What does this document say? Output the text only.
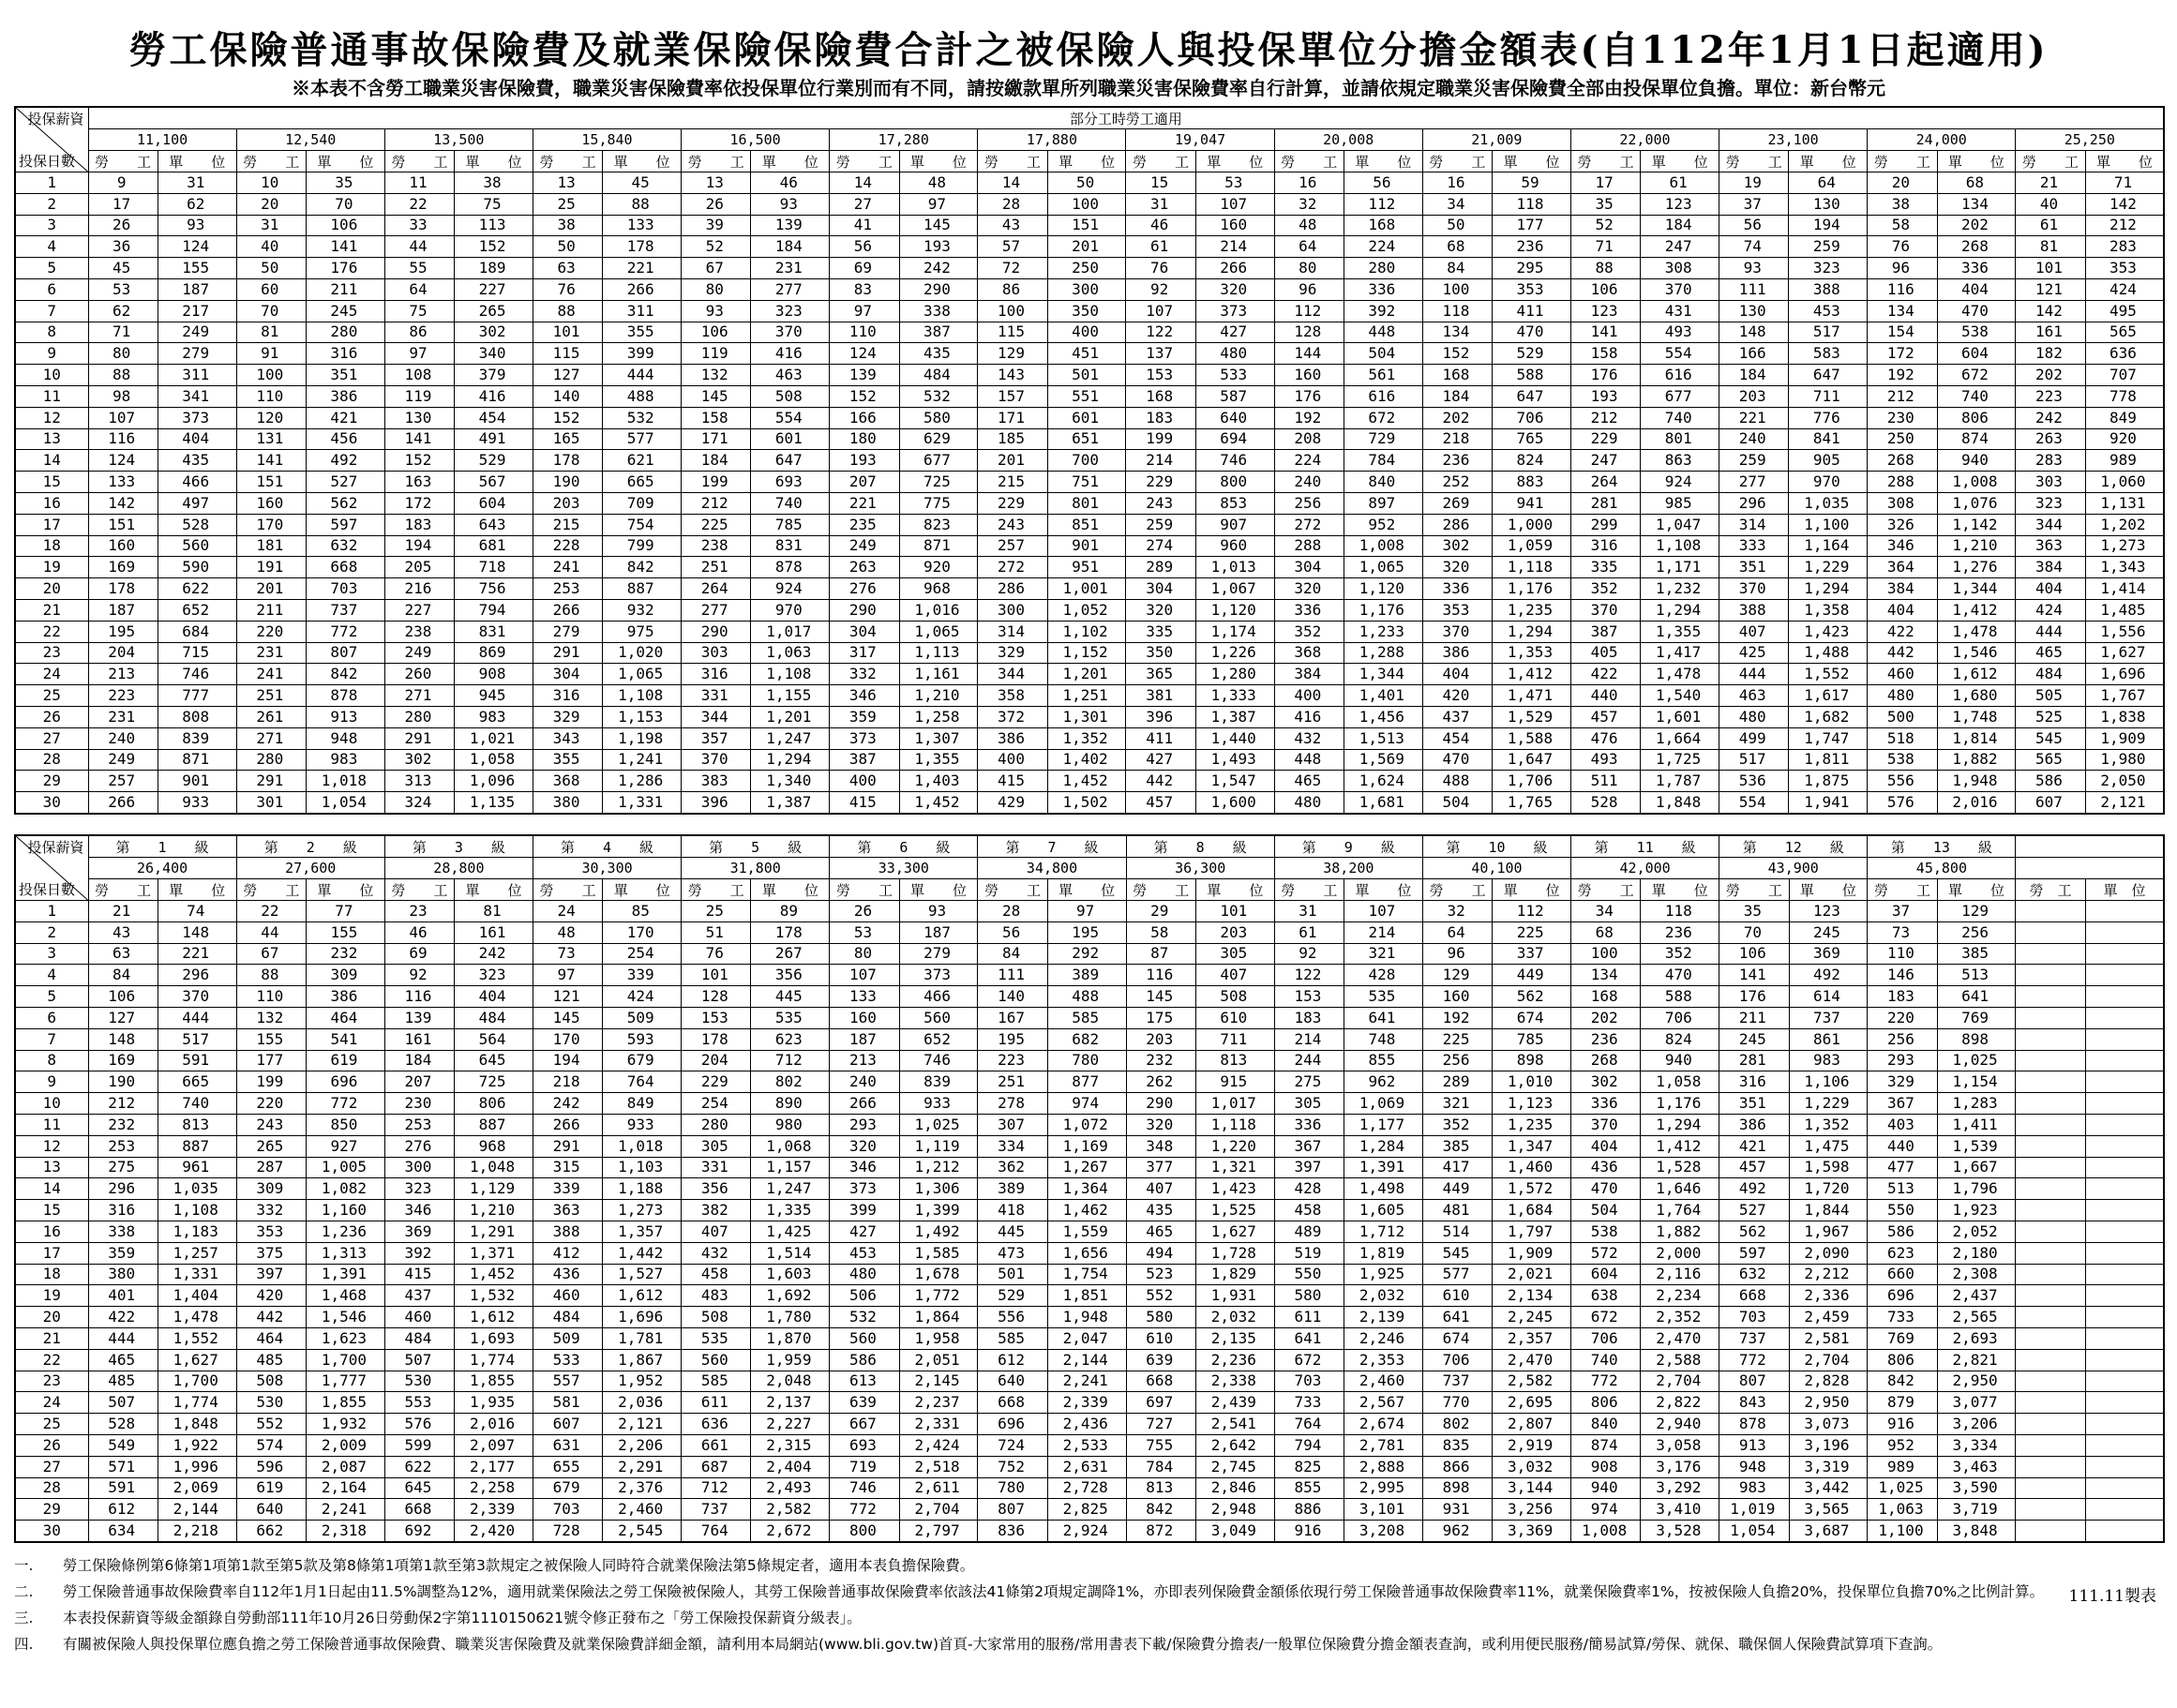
勞工保險普通事故保險費及就業保險保險費合計之被保險人與投保單位分擔金額表(自112年1月1日起適用)
※本表不含勞工職業災害保險費，職業災害保險費率依投保單位行業別而有不同，請按繳款單所列職業災害保險費率自行計算，並請依規定職業災害保險費全部由投保單位負擔。單位：新台幣元
投保薪資
投保日數	部分工時勞工適用																											
	11,100		12,540		13,500		15,840		16,500		17,280		17,880		19,047		20,008		21,009		22,000		23,100		24,000		25,250	
	勞　　工	單　　位	勞　　工	單　　位	勞　　工	單　　位	勞　　工	單　　位	勞　　工	單　　位	勞　　工	單　　位	勞　　工	單　　位	勞　　工	單　　位	勞　　工	單　　位	勞　　工	單　　位	勞　　工	單　　位	勞　　工	單　　位	勞　　工	單　　位	勞　　工	單　　位
1	9	31	10	35	11	38	13	45	13	46	14	48	14	50	15	53	16	56	16	59	17	61	19	64	20	68	21	71
2	17	62	20	70	22	75	25	88	26	93	27	97	28	100	31	107	32	112	34	118	35	123	37	130	38	134	40	142
3	26	93	31	106	33	113	38	133	39	139	41	145	43	151	46	160	48	168	50	177	52	184	56	194	58	202	61	212
4	36	124	40	141	44	152	50	178	52	184	56	193	57	201	61	214	64	224	68	236	71	247	74	259	76	268	81	283
5	45	155	50	176	55	189	63	221	67	231	69	242	72	250	76	266	80	280	84	295	88	308	93	323	96	336	101	353
6	53	187	60	211	64	227	76	266	80	277	83	290	86	300	92	320	96	336	100	353	106	370	111	388	116	404	121	424
7	62	217	70	245	75	265	88	311	93	323	97	338	100	350	107	373	112	392	118	411	123	431	130	453	134	470	142	495
8	71	249	81	280	86	302	101	355	106	370	110	387	115	400	122	427	128	448	134	470	141	493	148	517	154	538	161	565
9	80	279	91	316	97	340	115	399	119	416	124	435	129	451	137	480	144	504	152	529	158	554	166	583	172	604	182	636
10	88	311	100	351	108	379	127	444	132	463	139	484	143	501	153	533	160	561	168	588	176	616	184	647	192	672	202	707
11	98	341	110	386	119	416	140	488	145	508	152	532	157	551	168	587	176	616	184	647	193	677	203	711	212	740	223	778
12	107	373	120	421	130	454	152	532	158	554	166	580	171	601	183	640	192	672	202	706	212	740	221	776	230	806	242	849
13	116	404	131	456	141	491	165	577	171	601	180	629	185	651	199	694	208	729	218	765	229	801	240	841	250	874	263	920
14	124	435	141	492	152	529	178	621	184	647	193	677	201	700	214	746	224	784	236	824	247	863	259	905	268	940	283	989
15	133	466	151	527	163	567	190	665	199	693	207	725	215	751	229	800	240	840	252	883	264	924	277	970	288	1,008	303	1,060
16	142	497	160	562	172	604	203	709	212	740	221	775	229	801	243	853	256	897	269	941	281	985	296	1,035	308	1,076	323	1,131
17	151	528	170	597	183	643	215	754	225	785	235	823	243	851	259	907	272	952	286	1,000	299	1,047	314	1,100	326	1,142	344	1,202
18	160	560	181	632	194	681	228	799	238	831	249	871	257	901	274	960	288	1,008	302	1,059	316	1,108	333	1,164	346	1,210	363	1,273
19	169	590	191	668	205	718	241	842	251	878	263	920	272	951	289	1,013	304	1,065	320	1,118	335	1,171	351	1,229	364	1,276	384	1,343
20	178	622	201	703	216	756	253	887	264	924	276	968	286	1,001	304	1,067	320	1,120	336	1,176	352	1,232	370	1,294	384	1,344	404	1,414
21	187	652	211	737	227	794	266	932	277	970	290	1,016	300	1,052	320	1,120	336	1,176	353	1,235	370	1,294	388	1,358	404	1,412	424	1,485
22	195	684	220	772	238	831	279	975	290	1,017	304	1,065	314	1,102	335	1,174	352	1,233	370	1,294	387	1,355	407	1,423	422	1,478	444	1,556
23	204	715	231	807	249	869	291	1,020	303	1,063	317	1,113	329	1,152	350	1,226	368	1,288	386	1,353	405	1,417	425	1,488	442	1,546	465	1,627
24	213	746	241	842	260	908	304	1,065	316	1,108	332	1,161	344	1,201	365	1,280	384	1,344	404	1,412	422	1,478	444	1,552	460	1,612	484	1,696
25	223	777	251	878	271	945	316	1,108	331	1,155	346	1,210	358	1,251	381	1,333	400	1,401	420	1,471	440	1,540	463	1,617	480	1,680	505	1,767
26	231	808	261	913	280	983	329	1,153	344	1,201	359	1,258	372	1,301	396	1,387	416	1,456	437	1,529	457	1,601	480	1,682	500	1,748	525	1,838
27	240	839	271	948	291	1,021	343	1,198	357	1,247	373	1,307	386	1,352	411	1,440	432	1,513	454	1,588	476	1,664	499	1,747	518	1,814	545	1,909
28	249	871	280	983	302	1,058	355	1,241	370	1,294	387	1,355	400	1,402	427	1,493	448	1,569	470	1,647	493	1,725	517	1,811	538	1,882	565	1,980
29	257	901	291	1,018	313	1,096	368	1,286	383	1,340	400	1,403	415	1,452	442	1,547	465	1,624	488	1,706	511	1,787	536	1,875	556	1,948	586	2,050
30	266	933	301	1,054	324	1,135	380	1,331	396	1,387	415	1,452	429	1,502	457	1,600	480	1,681	504	1,765	528	1,848	554	1,941	576	2,016	607	2,121
投保薪資
投保日數	第　　1　　級		第　　2　　級		第　　3　　級		第　　4　　級		第　　5　　級		第　　6　　級		第　　7　　級		第　　8　　級		第　　9　　級		第　　10　　級		第　　11　　級		第　　12　　級		第　　13　　級			
	26,400		27,600		28,800		30,300		31,800		33,300		34,800		36,300		38,200		40,100		42,000		43,900		45,800			
	勞　　工	單　　位	勞　　工	單　　位	勞　　工	單　　位	勞　　工	單　　位	勞　　工	單　　位	勞　　工	單　　位	勞　　工	單　　位	勞　　工	單　　位	勞　　工	單　　位	勞　　工	單　　位	勞　　工	單　　位	勞　　工	單　　位	勞　　工	單　　位	勞　工	單　位
1	21	74	22	77	23	81	24	85	25	89	26	93	28	97	29	101	31	107	32	112	34	118	35	123	37	129		
2	43	148	44	155	46	161	48	170	51	178	53	187	56	195	58	203	61	214	64	225	68	236	70	245	73	256		
3	63	221	67	232	69	242	73	254	76	267	80	279	84	292	87	305	92	321	96	337	100	352	106	369	110	385		
4	84	296	88	309	92	323	97	339	101	356	107	373	111	389	116	407	122	428	129	449	134	470	141	492	146	513		
5	106	370	110	386	116	404	121	424	128	445	133	466	140	488	145	508	153	535	160	562	168	588	176	614	183	641		
6	127	444	132	464	139	484	145	509	153	535	160	560	167	585	175	610	183	641	192	674	202	706	211	737	220	769		
7	148	517	155	541	161	564	170	593	178	623	187	652	195	682	203	711	214	748	225	785	236	824	245	861	256	898		
8	169	591	177	619	184	645	194	679	204	712	213	746	223	780	232	813	244	855	256	898	268	940	281	983	293	1,025		
9	190	665	199	696	207	725	218	764	229	802	240	839	251	877	262	915	275	962	289	1,010	302	1,058	316	1,106	329	1,154		
10	212	740	220	772	230	806	242	849	254	890	266	933	278	974	290	1,017	305	1,069	321	1,123	336	1,176	351	1,229	367	1,283		
11	232	813	243	850	253	887	266	933	280	980	293	1,025	307	1,072	320	1,118	336	1,177	352	1,235	370	1,294	386	1,352	403	1,411		
12	253	887	265	927	276	968	291	1,018	305	1,068	320	1,119	334	1,169	348	1,220	367	1,284	385	1,347	404	1,412	421	1,475	440	1,539		
13	275	961	287	1,005	300	1,048	315	1,103	331	1,157	346	1,212	362	1,267	377	1,321	397	1,391	417	1,460	436	1,528	457	1,598	477	1,667		
14	296	1,035	309	1,082	323	1,129	339	1,188	356	1,247	373	1,306	389	1,364	407	1,423	428	1,498	449	1,572	470	1,646	492	1,720	513	1,796		
15	316	1,108	332	1,160	346	1,210	363	1,273	382	1,335	399	1,399	418	1,462	435	1,525	458	1,605	481	1,684	504	1,764	527	1,844	550	1,923		
16	338	1,183	353	1,236	369	1,291	388	1,357	407	1,425	427	1,492	445	1,559	465	1,627	489	1,712	514	1,797	538	1,882	562	1,967	586	2,052		
17	359	1,257	375	1,313	392	1,371	412	1,442	432	1,514	453	1,585	473	1,656	494	1,728	519	1,819	545	1,909	572	2,000	597	2,090	623	2,180		
18	380	1,331	397	1,391	415	1,452	436	1,527	458	1,603	480	1,678	501	1,754	523	1,829	550	1,925	577	2,021	604	2,116	632	2,212	660	2,308		
19	401	1,404	420	1,468	437	1,532	460	1,612	483	1,692	506	1,772	529	1,851	552	1,931	580	2,032	610	2,134	638	2,234	668	2,336	696	2,437		
20	422	1,478	442	1,546	460	1,612	484	1,696	508	1,780	532	1,864	556	1,948	580	2,032	611	2,139	641	2,245	672	2,352	703	2,459	733	2,565		
21	444	1,552	464	1,623	484	1,693	509	1,781	535	1,870	560	1,958	585	2,047	610	2,135	641	2,246	674	2,357	706	2,470	737	2,581	769	2,693		
22	465	1,627	485	1,700	507	1,774	533	1,867	560	1,959	586	2,051	612	2,144	639	2,236	672	2,353	706	2,470	740	2,588	772	2,704	806	2,821		
23	485	1,700	508	1,777	530	1,855	557	1,952	585	2,048	613	2,145	640	2,241	668	2,338	703	2,460	737	2,582	772	2,704	807	2,828	842	2,950		
24	507	1,774	530	1,855	553	1,935	581	2,036	611	2,137	639	2,237	668	2,339	697	2,439	733	2,567	770	2,695	806	2,822	843	2,950	879	3,077		
25	528	1,848	552	1,932	576	2,016	607	2,121	636	2,227	667	2,331	696	2,436	727	2,541	764	2,674	802	2,807	840	2,940	878	3,073	916	3,206		
26	549	1,922	574	2,009	599	2,097	631	2,206	661	2,315	693	2,424	724	2,533	755	2,642	794	2,781	835	2,919	874	3,058	913	3,196	952	3,334		
27	571	1,996	596	2,087	622	2,177	655	2,291	687	2,404	719	2,518	752	2,631	784	2,745	825	2,888	866	3,032	908	3,176	948	3,319	989	3,463		
28	591	2,069	619	2,164	645	2,258	679	2,376	712	2,493	746	2,611	780	2,728	813	2,846	855	2,995	898	3,144	940	3,292	983	3,442	1,025	3,590		
29	612	2,144	640	2,241	668	2,339	703	2,460	737	2,582	772	2,704	807	2,825	842	2,948	886	3,101	931	3,256	974	3,410	1,019	3,565	1,063	3,719		
30	634	2,218	662	2,318	692	2,420	728	2,545	764	2,672	800	2,797	836	2,924	872	3,049	916	3,208	962	3,369	1,008	3,528	1,054	3,687	1,100	3,848		
一. 勞工保險條例第6條第1項第1款至第5款及第8條第1項第1款至第3款規定之被保險人同時符合就業保險法第5條規定者，適用本表負擔保險費。
二. 勞工保險普通事故保險費率自112年1月1日起由11.5%調整為12%，適用就業保險法之勞工保險被保險人，其勞工保險普通事故保險費率依該法41條第2項規定調降1%，亦即表列保險費金額係依現行勞工保險普通事故保險費率11%，就業保險費率1%，按被保險人負擔20%，投保單位負擔70%之比例計算。
三. 本表投保薪資等級金額錄自勞動部111年10月26日勞動保2字第1110150621號令修正發布之「勞工保險投保薪資分級表」。
四. 有關被保險人與投保單位應負擔之勞工保險普通事故保險費、職業災害保險費及就業保險費詳細金額，請利用本局網站(www.bli.gov.tw)首頁-大家常用的服務/常用書表下載/保險費分擔表/一般單位保險費分擔金額表查詢，或利用便民服務/簡易試算/勞保、就保、職保個人保險費試算項下查詢。
111.11製表
